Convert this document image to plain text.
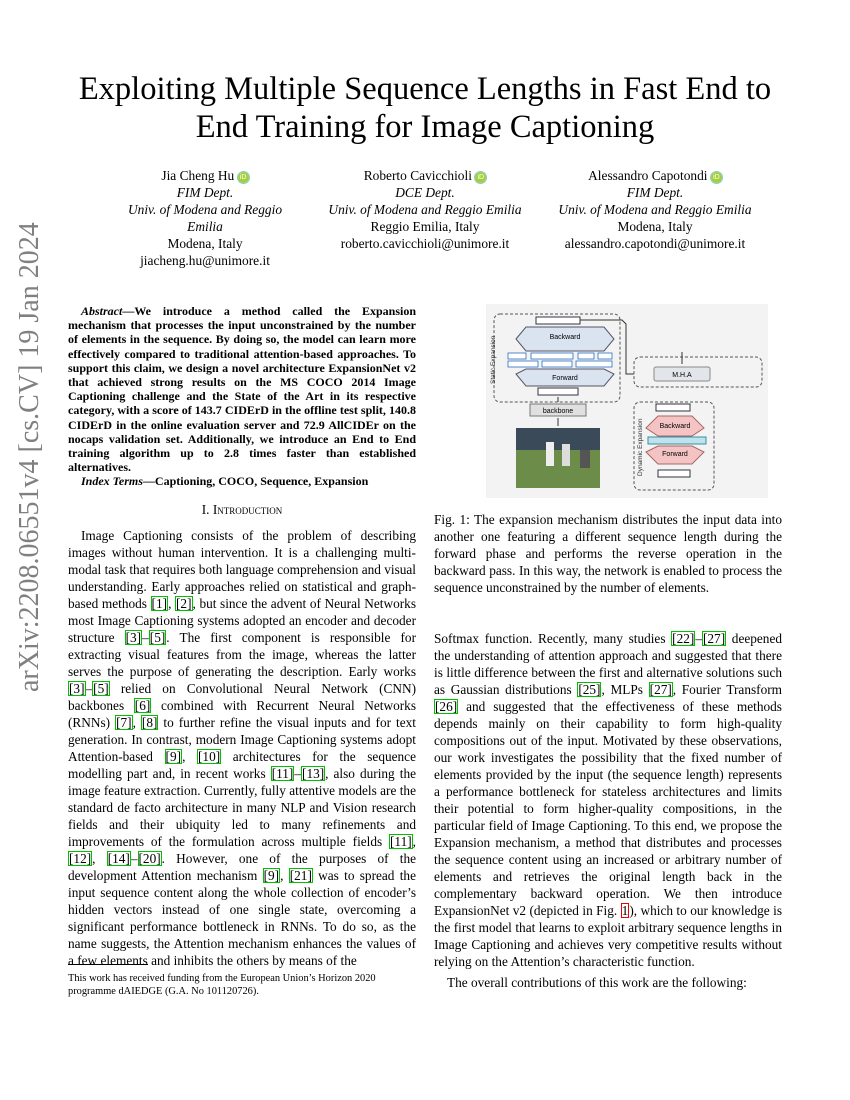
arXiv:2208.06551v4 [cs.CV] 19 Jan 2024
Exploiting Multiple Sequence Lengths in Fast End to End Training for Image Captioning
Jia Cheng Hu iD
FIM Dept.
Univ. of Modena and Reggio Emilia
Modena, Italy
jiacheng.hu@unimore.it
Roberto Cavicchioli iD
DCE Dept.
Univ. of Modena and Reggio Emilia
Reggio Emilia, Italy
roberto.cavicchioli@unimore.it
Alessandro Capotondi iD
FIM Dept.
Univ. of Modena and Reggio Emilia
Modena, Italy
alessandro.capotondi@unimore.it

Abstract—We introduce a method called the Expansion mechanism that processes the input unconstrained by the number of elements in the sequence. By doing so, the model can learn more effectively compared to traditional attention-based approaches. To support this claim, we design a novel architecture ExpansionNet v2 that achieved strong results on the MS COCO 2014 Image Captioning challenge and the State of the Art in its respective category, with a score of 143.7 CIDErD in the offline test split, 140.8 CIDErD in the online evaluation server and 72.9 AllCIDEr on the nocaps validation set. Additionally, we introduce an End to End training algorithm up to 2.8 times faster than established alternatives.

Index Terms—Captioning, COCO, Sequence, Expansion

I. Introduction

Image Captioning consists of the problem of describing images without human intervention. It is a challenging multi-modal task that requires both language comprehension and visual understanding. Early approaches relied on statistical and graph-based methods [1], [2], but since the advent of Neural Networks most Image Captioning systems adopted an encoder and decoder structure [3]–[5]. The first component is responsible for extracting visual features from the image, whereas the latter serves the purpose of generating the description. Early works [3]–[5] relied on Convolutional Neural Network (CNN) backbones [6] combined with Recurrent Neural Networks (RNNs) [7], [8] to further refine the visual inputs and for text generation. In contrast, modern Image Captioning systems adopt Attention-based [9], [10] architectures for the sequence modelling part and, in recent works [11]–[13], also during the image feature extraction. Currently, fully attentive models are the standard de facto architecture in many NLP and Vision research fields and their ubiquity led to many refinements and improvements of the formulation across multiple fields [11], [12], [14]–[20]. However, one of the purposes of the development Attention mechanism [9], [21] was to spread the input sequence content along the whole collection of encoder’s hidden vectors instead of one single state, overcoming a significant performance bottleneck in RNNs. To do so, as the name suggests, the Attention mechanism enhances the values of a few elements and inhibits the others by means of the

This work has received funding from the European Union’s Horizon 2020 programme dAIEDGE (G.A. No 101120726).
Static Expansion	Backward
Forward
backbone
M.H.A
Dynamic Expansion Backward
Forward
Fig. 1: The expansion mechanism distributes the input data into another one featuring a different sequence length during the forward phase and performs the reverse operation in the backward pass. In this way, the network is enabled to process the sequence unconstrained by the number of elements.

Softmax function. Recently, many studies [22]–[27] deepened the understanding of attention approach and suggested that there is little difference between the first and alternative solutions such as Gaussian distributions [25], MLPs [27], Fourier Transform [26] and suggested that the effectiveness of these methods depends mainly on their capability to form high-quality compositions out of the input. Motivated by these observations, our work investigates the possibility that the fixed number of elements provided by the input (the sequence length) represents a performance bottleneck for stateless architectures and limits their potential to form higher-quality compositions, in the particular field of Image Captioning. To this end, we propose the Expansion mechanism, a method that distributes and processes the sequence content using an increased or arbitrary number of elements and retrieves the original length back in the complementary backward operation. We then introduce ExpansionNet v2 (depicted in Fig. 1), which to our knowledge is the first model that learns to exploit arbitrary sequence lengths in Image Captioning and achieves very competitive results without relying on the Attention’s characteristic function.

The overall contributions of this work are the following:
